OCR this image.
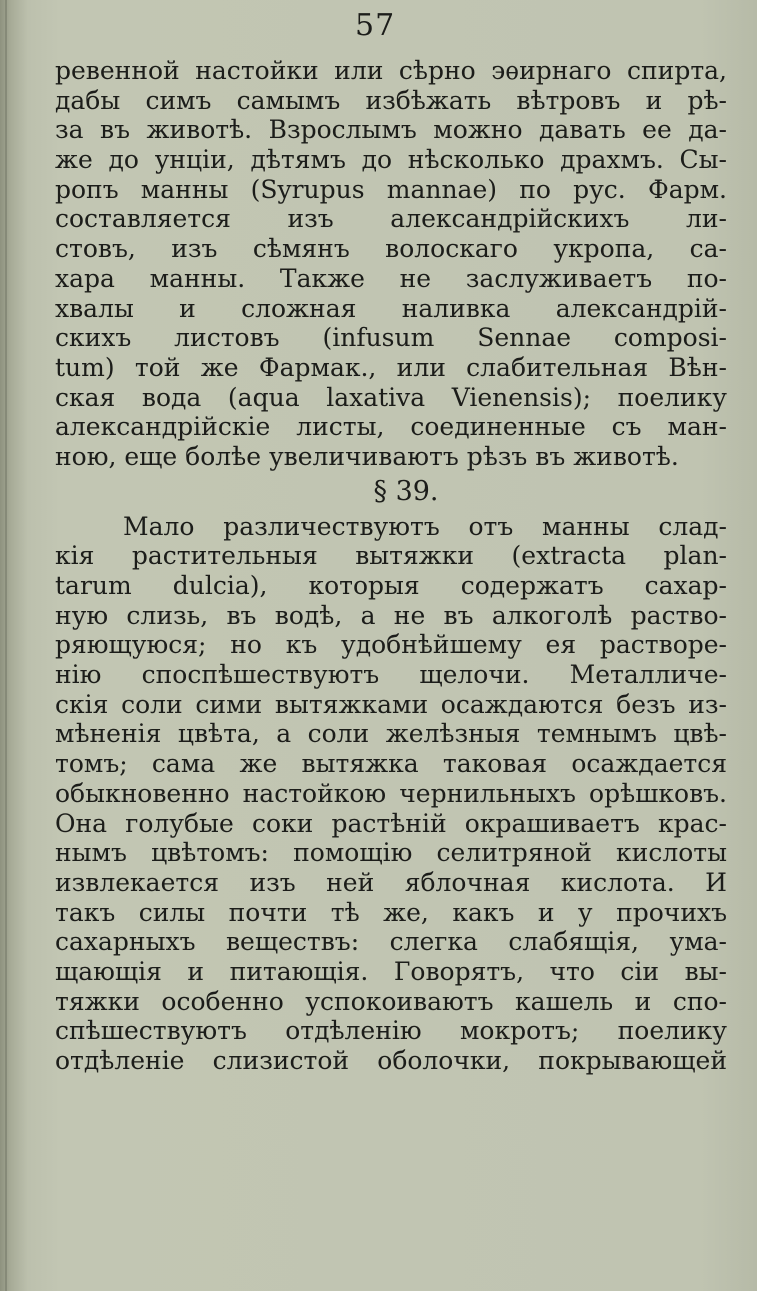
57
ревенной настойки или сѣрно эѳирнаго спирта,
дабы симъ самымъ избѣжать вѣтровъ и рѣ-
за въ животѣ. Взрослымъ можно давать ее да-
же до унціи, дѣтямъ до нѣсколько драхмъ. Сы-
ропъ манны (Syrupus mannae) по рус. Фарм.
составляется изъ александрійскихъ ли-
стовъ, изъ сѣмянъ волоскаго укропа, са-
хара манны. Также не заслуживаетъ по-
хвалы и сложная наливка александрій-
скихъ листовъ (infusum Sennae composi-
tum) той же Фармак., или слабительная Вѣн-
ская вода (aqua laxativa Vienensis); поелику
александрійскіе листы, соединенные съ ман-
ною, еще болѣе увеличиваютъ рѣзъ въ животѣ.
§ 39.
Мало различествуютъ отъ манны слад-
кія растительныя вытяжки (extracta plan-
tarum dulcia), которыя содержатъ сахар-
ную слизь, въ водѣ, а не въ алкоголѣ раство-
ряющуюся; но къ удобнѣйшему ея растворе-
нію споспѣшествуютъ щелочи. Металличе-
скія соли сими вытяжками осаждаются безъ из-
мѣненія цвѣта, а соли желѣзныя темнымъ цвѣ-
томъ; сама же вытяжка таковая осаждается
обыкновенно настойкою чернильныхъ орѣшковъ.
Она голубые соки растѣній окрашиваетъ крас-
нымъ цвѣтомъ: помощію селитряной кислоты
извлекается изъ ней яблочная кислота. И
такъ силы почти тѣ же, какъ и у прочихъ
сахарныхъ веществъ: слегка слабящія, ума-
щающія и питающія. Говорятъ, что сіи вы-
тяжки особенно успокоиваютъ кашель и спо-
спѣшествуютъ отдѣленію мокротъ; поелику
отдѣленіе слизистой оболочки, покрывающей
